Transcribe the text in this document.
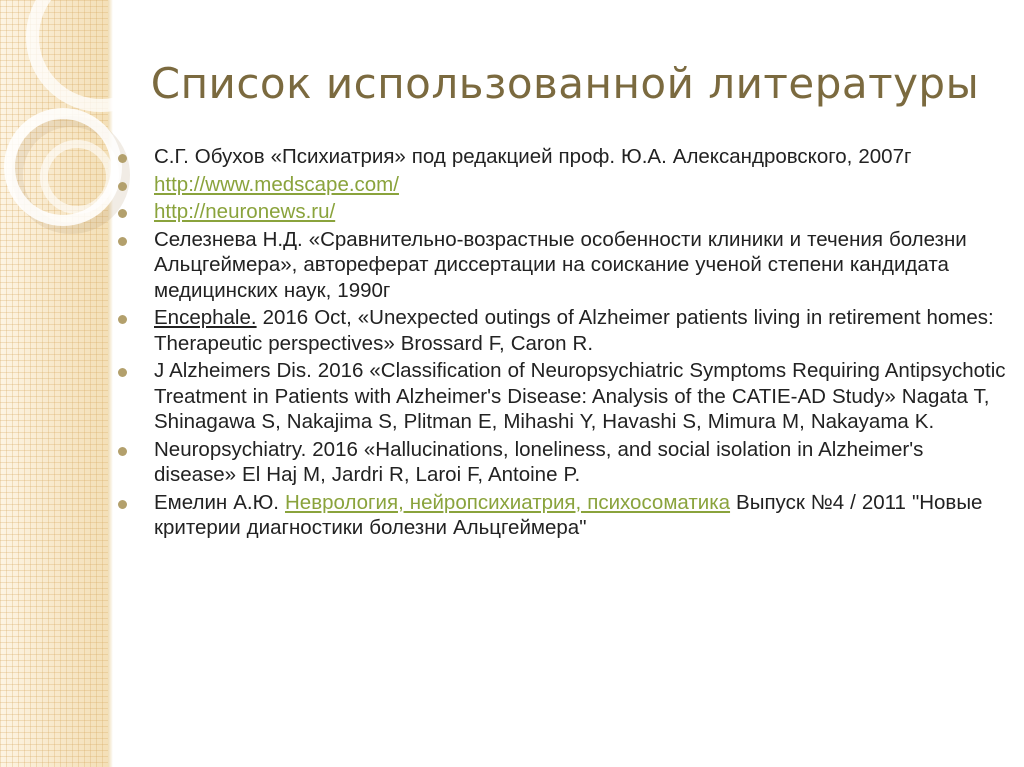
Список использованной литературы
С.Г. Обухов «Психиатрия» под редакцией проф. Ю.А. Александровского, 2007г
http://www.medscape.com/
http://neuronews.ru/
Селезнева Н.Д. «Сравнительно-возрастные особенности клиники и течения болезни Альцгеймера», автореферат диссертации на соискание ученой степени кандидата медицинских наук, 1990г
Encephale. 2016 Oct, «Unexpected outings of Alzheimer patients living in retirement homes: Therapeutic perspectives» Brossard F, Caron R.
J Alzheimers Dis. 2016 «Classification of Neuropsychiatric Symptoms Requiring Antipsychotic Treatment in Patients with Alzheimer's Disease: Analysis of the CATIE-AD Study» Nagata T, Shinagawa S, Nakajima S, Plitman E, Mihashi Y, Havashi S, Mimura M, Nakayama K.
Neuropsychiatry. 2016 «Hallucinations, loneliness, and social isolation in Alzheimer's disease» El Haj M, Jardri R, Laroi F, Antoine P.
Емелин А.Ю. Неврология, нейропсихиатрия, психосоматика Выпуск №4 / 2011 "Новые критерии диагностики болезни Альцгеймера"
